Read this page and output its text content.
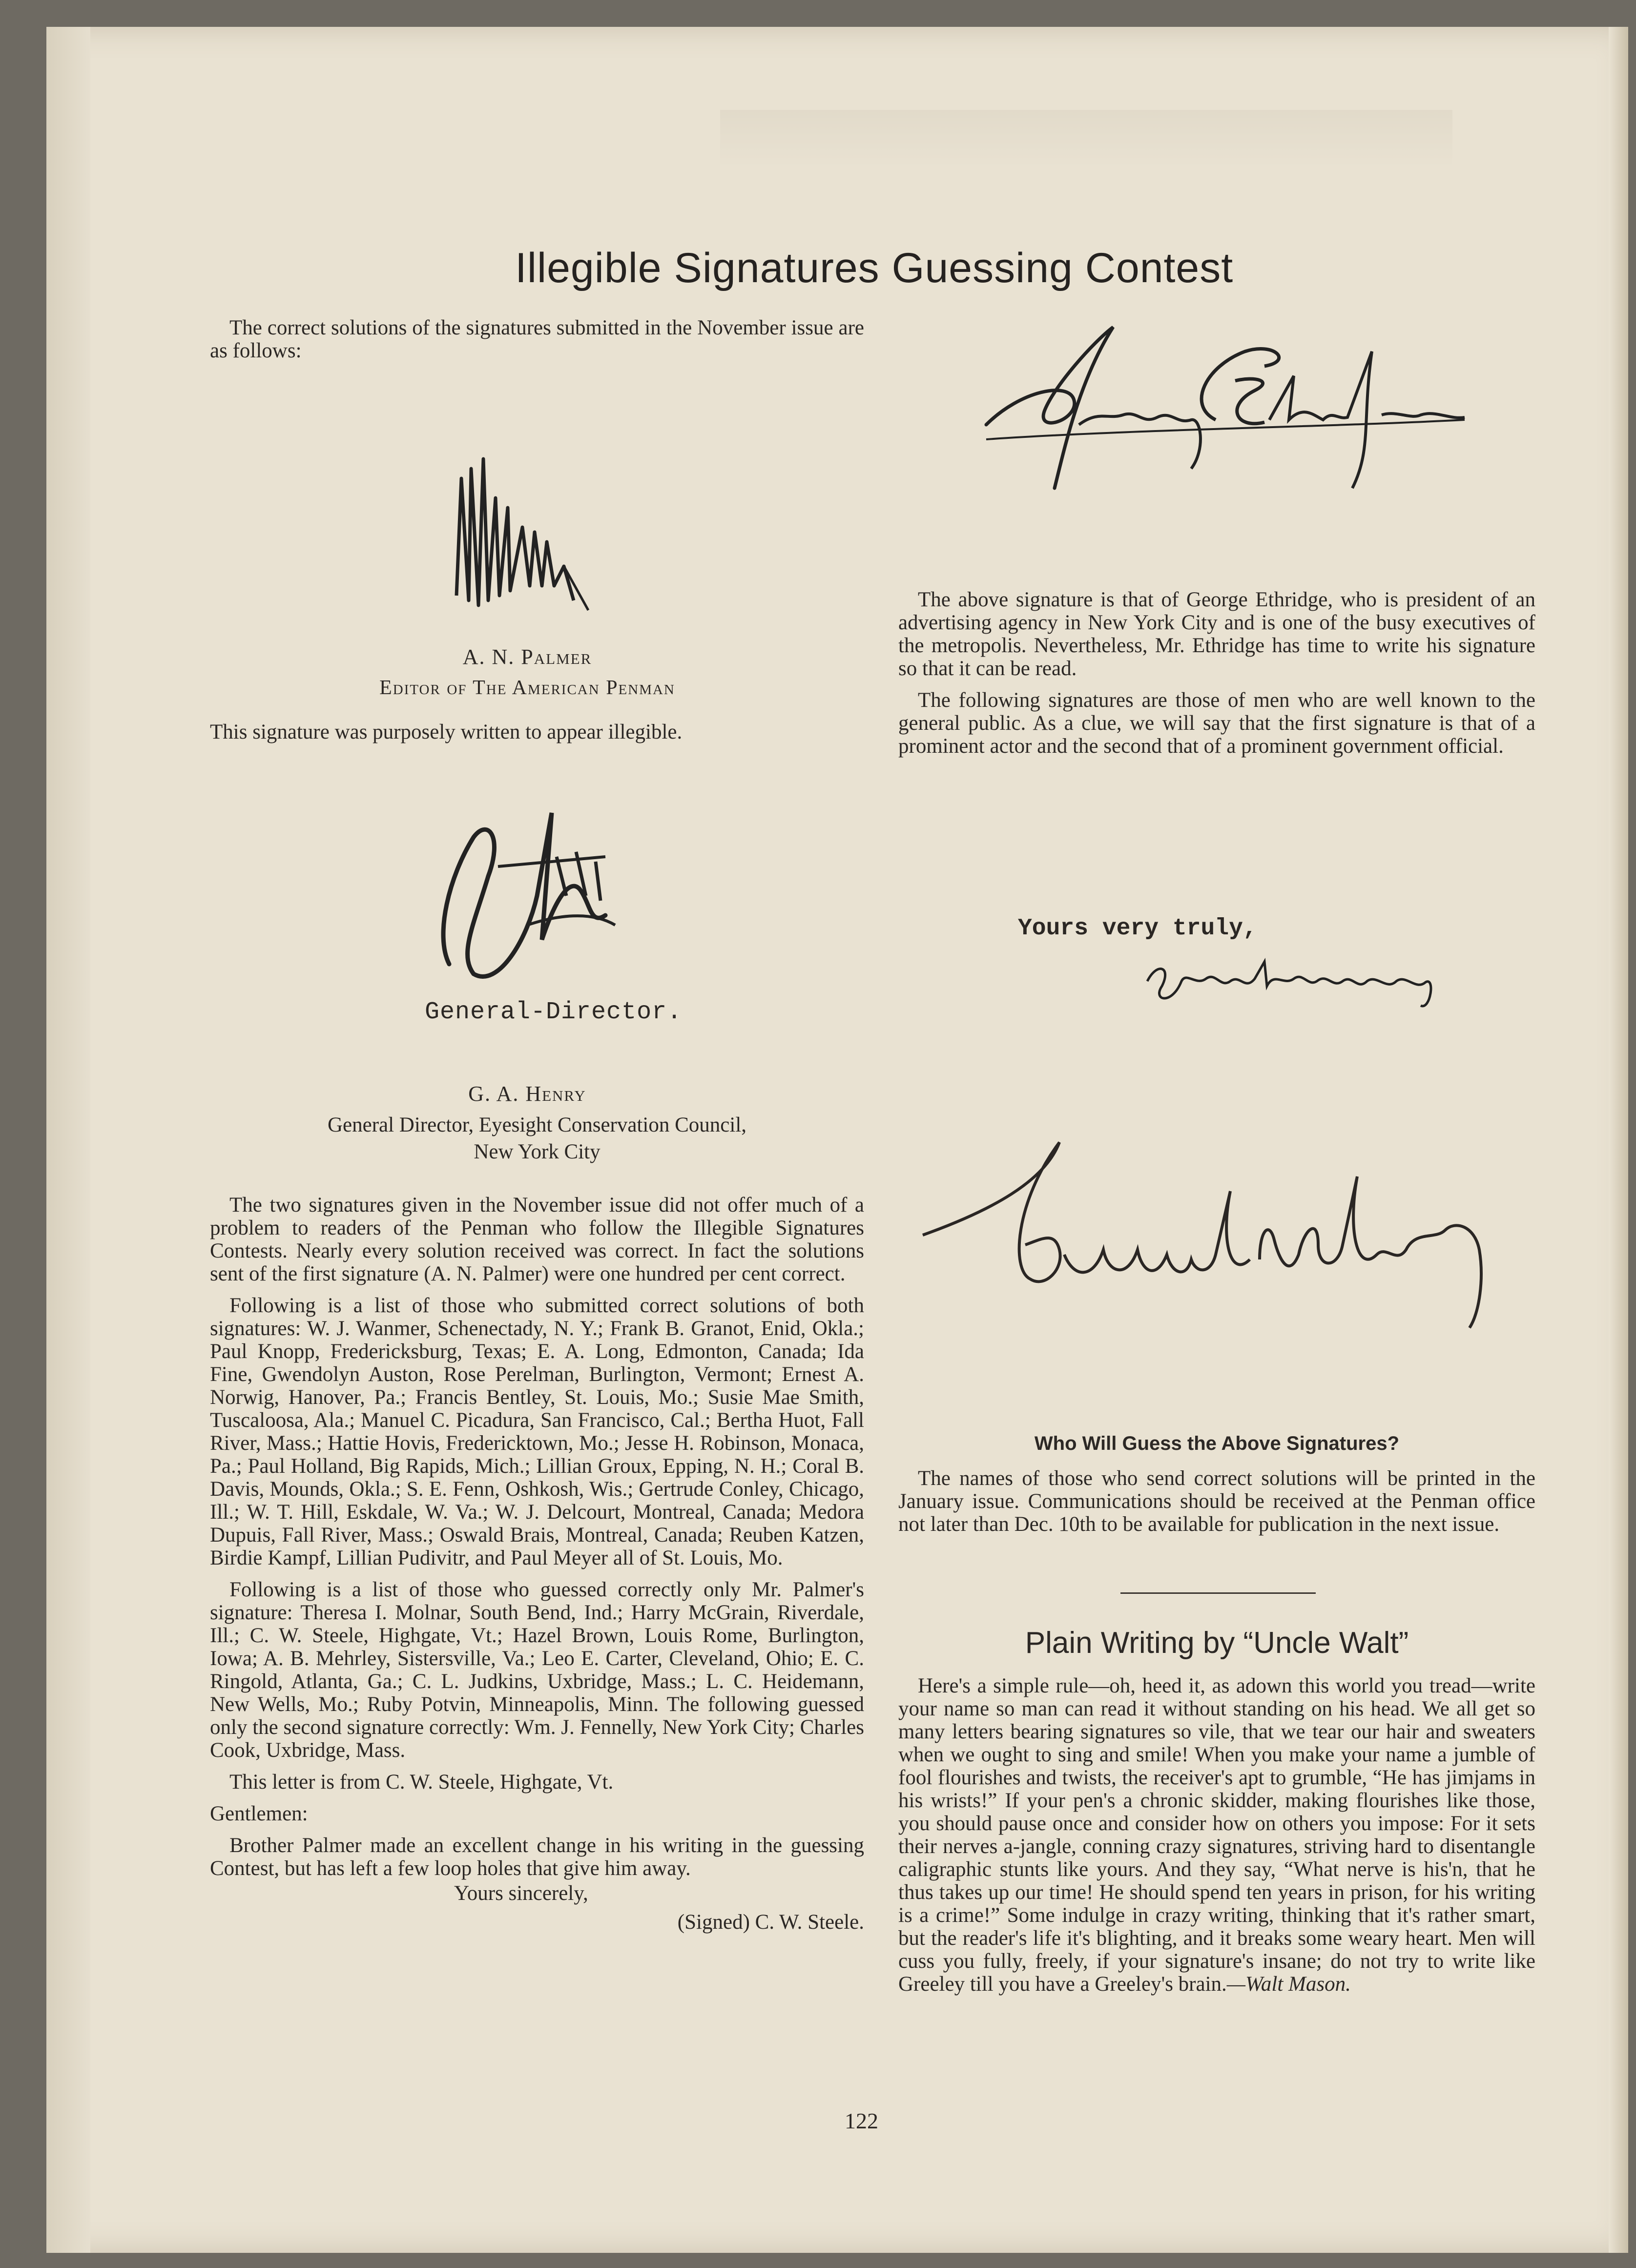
Illegible Signatures Guessing Contest

The correct solutions of the signatures submitted in the November issue are as follows:

A. N. Palmer
Editor of The American Penman
This signature was purposely written to appear illegible.
General-Director.
G. A. Henry
General Director, Eyesight Conservation Council,
New York City

The two signatures given in the November issue did not offer much of a problem to readers of the Penman who follow the Illegible Signatures Contests. Nearly every solution received was correct. In fact the solutions sent of the first signature (A. N. Palmer) were one hundred per cent correct.

Following is a list of those who submitted correct solutions of both signatures: W. J. Wanmer, Schenectady, N. Y.; Frank B. Granot, Enid, Okla.; Paul Knopp, Fredericksburg, Texas; E. A. Long, Edmonton, Canada; Ida Fine, Gwendolyn Auston, Rose Perelman, Burlington, Vermont; Ernest A. Norwig, Hanover, Pa.; Francis Bentley, St. Louis, Mo.; Susie Mae Smith, Tuscaloosa, Ala.; Manuel C. Picadura, San Francisco, Cal.; Bertha Huot, Fall River, Mass.; Hattie Hovis, Fredericktown, Mo.; Jesse H. Robinson, Monaca, Pa.; Paul Holland, Big Rapids, Mich.; Lillian Groux, Epping, N. H.; Coral B. Davis, Mounds, Okla.; S. E. Fenn, Oshkosh, Wis.; Gertrude Conley, Chicago, Ill.; W. T. Hill, Eskdale, W. Va.; W. J. Delcourt, Montreal, Canada; Medora Dupuis, Fall River, Mass.; Oswald Brais, Montreal, Canada; Reuben Katzen, Birdie Kampf, Lillian Pudivitr, and Paul Meyer all of St. Louis, Mo.

Following is a list of those who guessed correctly only Mr. Palmer's signature: Theresa I. Molnar, South Bend, Ind.; Harry McGrain, Riverdale, Ill.; C. W. Steele, Highgate, Vt.; Hazel Brown, Louis Rome, Burlington, Iowa; A. B. Mehrley, Sistersville, Va.; Leo E. Carter, Cleveland, Ohio; E. C. Ringold, Atlanta, Ga.; C. L. Judkins, Uxbridge, Mass.; L. C. Heidemann, New Wells, Mo.; Ruby Potvin, Minneapolis, Minn. The following guessed only the second signature correctly: Wm. J. Fennelly, New York City; Charles Cook, Uxbridge, Mass.

This letter is from C. W. Steele, Highgate, Vt.

Gentlemen:

Brother Palmer made an excellent change in his writing in the guessing Contest, but has left a few loop holes that give him away.

Yours sincerely,

(Signed) C. W. Steele.

The above signature is that of George Ethridge, who is president of an advertising agency in New York City and is one of the busy executives of the metropolis. Nevertheless, Mr. Ethridge has time to write his signature so that it can be read.

The following signatures are those of men who are well known to the general public. As a clue, we will say that the first signature is that of a prominent actor and the second that of a prominent government official.

Yours very truly,
Who Will Guess the Above Signatures?

The names of those who send correct solutions will be printed in the January issue. Communications should be received at the Penman office not later than Dec. 10th to be available for publication in the next issue.

Plain Writing by “Uncle Walt”

Here's a simple rule—oh, heed it, as adown this world you tread—write your name so man can read it without standing on his head. We all get so many letters bearing signatures so vile, that we tear our hair and sweaters when we ought to sing and smile! When you make your name a jumble of fool flourishes and twists, the receiver's apt to grumble, “He has jimjams in his wrists!” If your pen's a chronic skidder, making flourishes like those, you should pause once and consider how on others you impose: For it sets their nerves a-jangle, conning crazy signatures, striving hard to disentangle caligraphic stunts like yours. And they say, “What nerve is his'n, that he thus takes up our time! He should spend ten years in prison, for his writing is a crime!” Some indulge in crazy writing, thinking that it's rather smart, but the reader's life it's blighting, and it breaks some weary heart. Men will cuss you fully, freely, if your signature's insane; do not try to write like Greeley till you have a Greeley's brain.—Walt Mason.

122
